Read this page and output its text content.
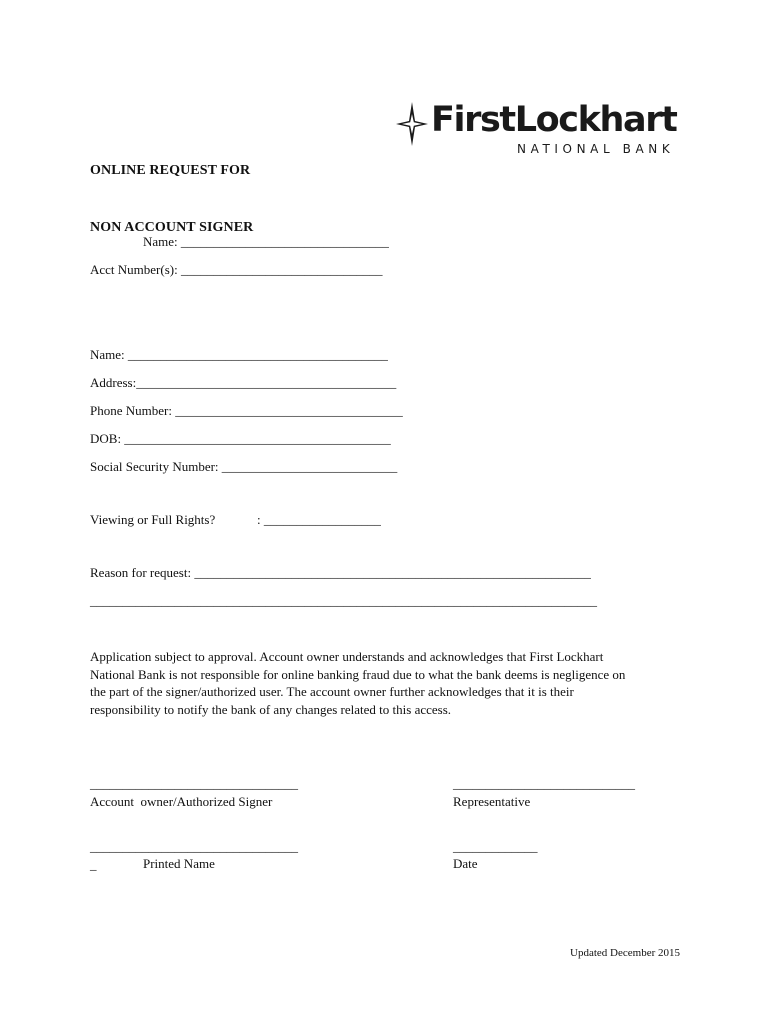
ONLINE REQUEST FOR

NON ACCOUNT SIGNER

FirstLockhart

NATIONAL BANK

Name: ________________________________
Acct Number(s): _______________________________
Name: ________________________________________
Address:________________________________________
Phone Number: ___________________________________
DOB: _________________________________________
Social Security Number: ___________________________
Viewing or Full Rights?	: __________________
Reason for request: _____________________________________________________________
______________________________________________________________________________
Application subject to approval. Account owner understands and acknowledges that First Lockhart
National Bank is not responsible for online banking fraud due to what the bank deems is negligence on
the part of the signer/authorized user. The account owner further acknowledges that it is their
responsibility to notify the bank of any changes related to this access.
________________________________
Account  owner/Authorized Signer
____________________________
Representative
________________________________
_	Printed Name
_____________
Date
Updated December 2015
